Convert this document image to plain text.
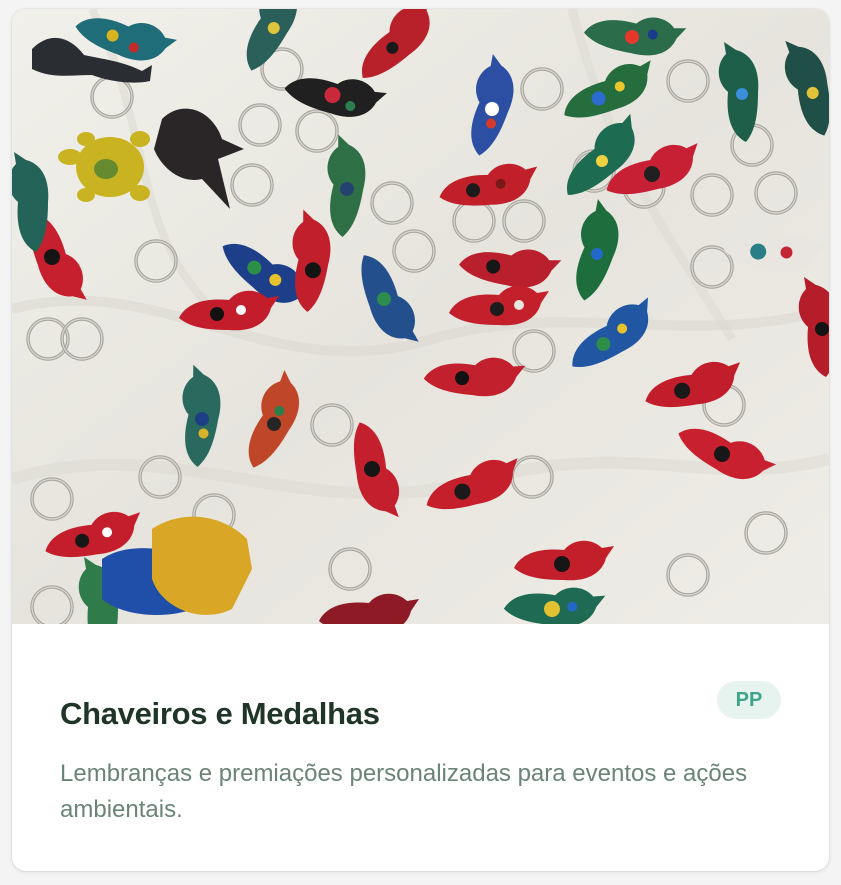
Chaveiros e Medalhas	PP

Lembranças e premiações personalizadas para eventos e ações ambientais.
